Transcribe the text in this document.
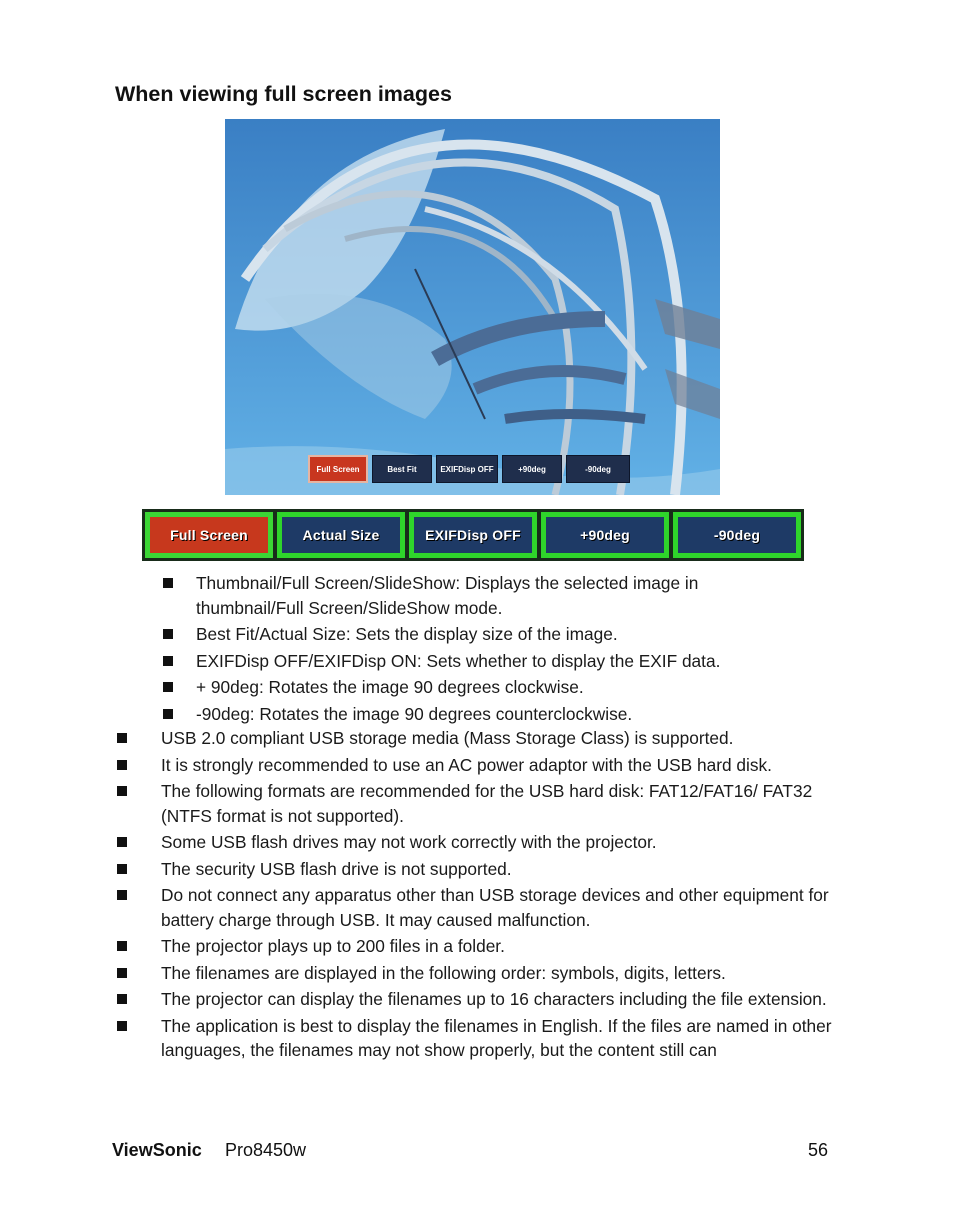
When viewing full screen images
Full Screen	Best Fit	EXIFDisp OFF	+90deg	-90deg
Full Screen	Actual Size	EXIFDisp OFF	+90deg	-90deg
Thumbnail/Full Screen/SlideShow: Displays the selected image in thumbnail/Full Screen/SlideShow mode.
Best Fit/Actual Size: Sets the display size of the image.
EXIFDisp OFF/EXIFDisp ON: Sets whether to display the EXIF data.
+ 90deg: Rotates the image 90 degrees clockwise.
-90deg: Rotates the image 90 degrees counterclockwise.
USB 2.0 compliant USB storage media (Mass Storage Class) is supported.
It is strongly recommended to use an AC power adaptor with the USB hard disk.
The following formats are recommended for the USB hard disk: FAT12/FAT16/ FAT32 (NTFS format is not supported).
Some USB flash drives may not work correctly with the projector.
The security USB flash drive is not supported.
Do not connect any apparatus other than USB storage devices and other equipment for battery charge through USB. It may caused malfunction.
The projector plays up to 200 files in a folder.
The filenames are displayed in the following order: symbols, digits, letters.
The projector can display the filenames up to 16 characters including the file extension.
The application is best to display the filenames in English. If the files are named in other languages, the filenames may not show properly, but the content still can
ViewSonic Pro8450w	56
